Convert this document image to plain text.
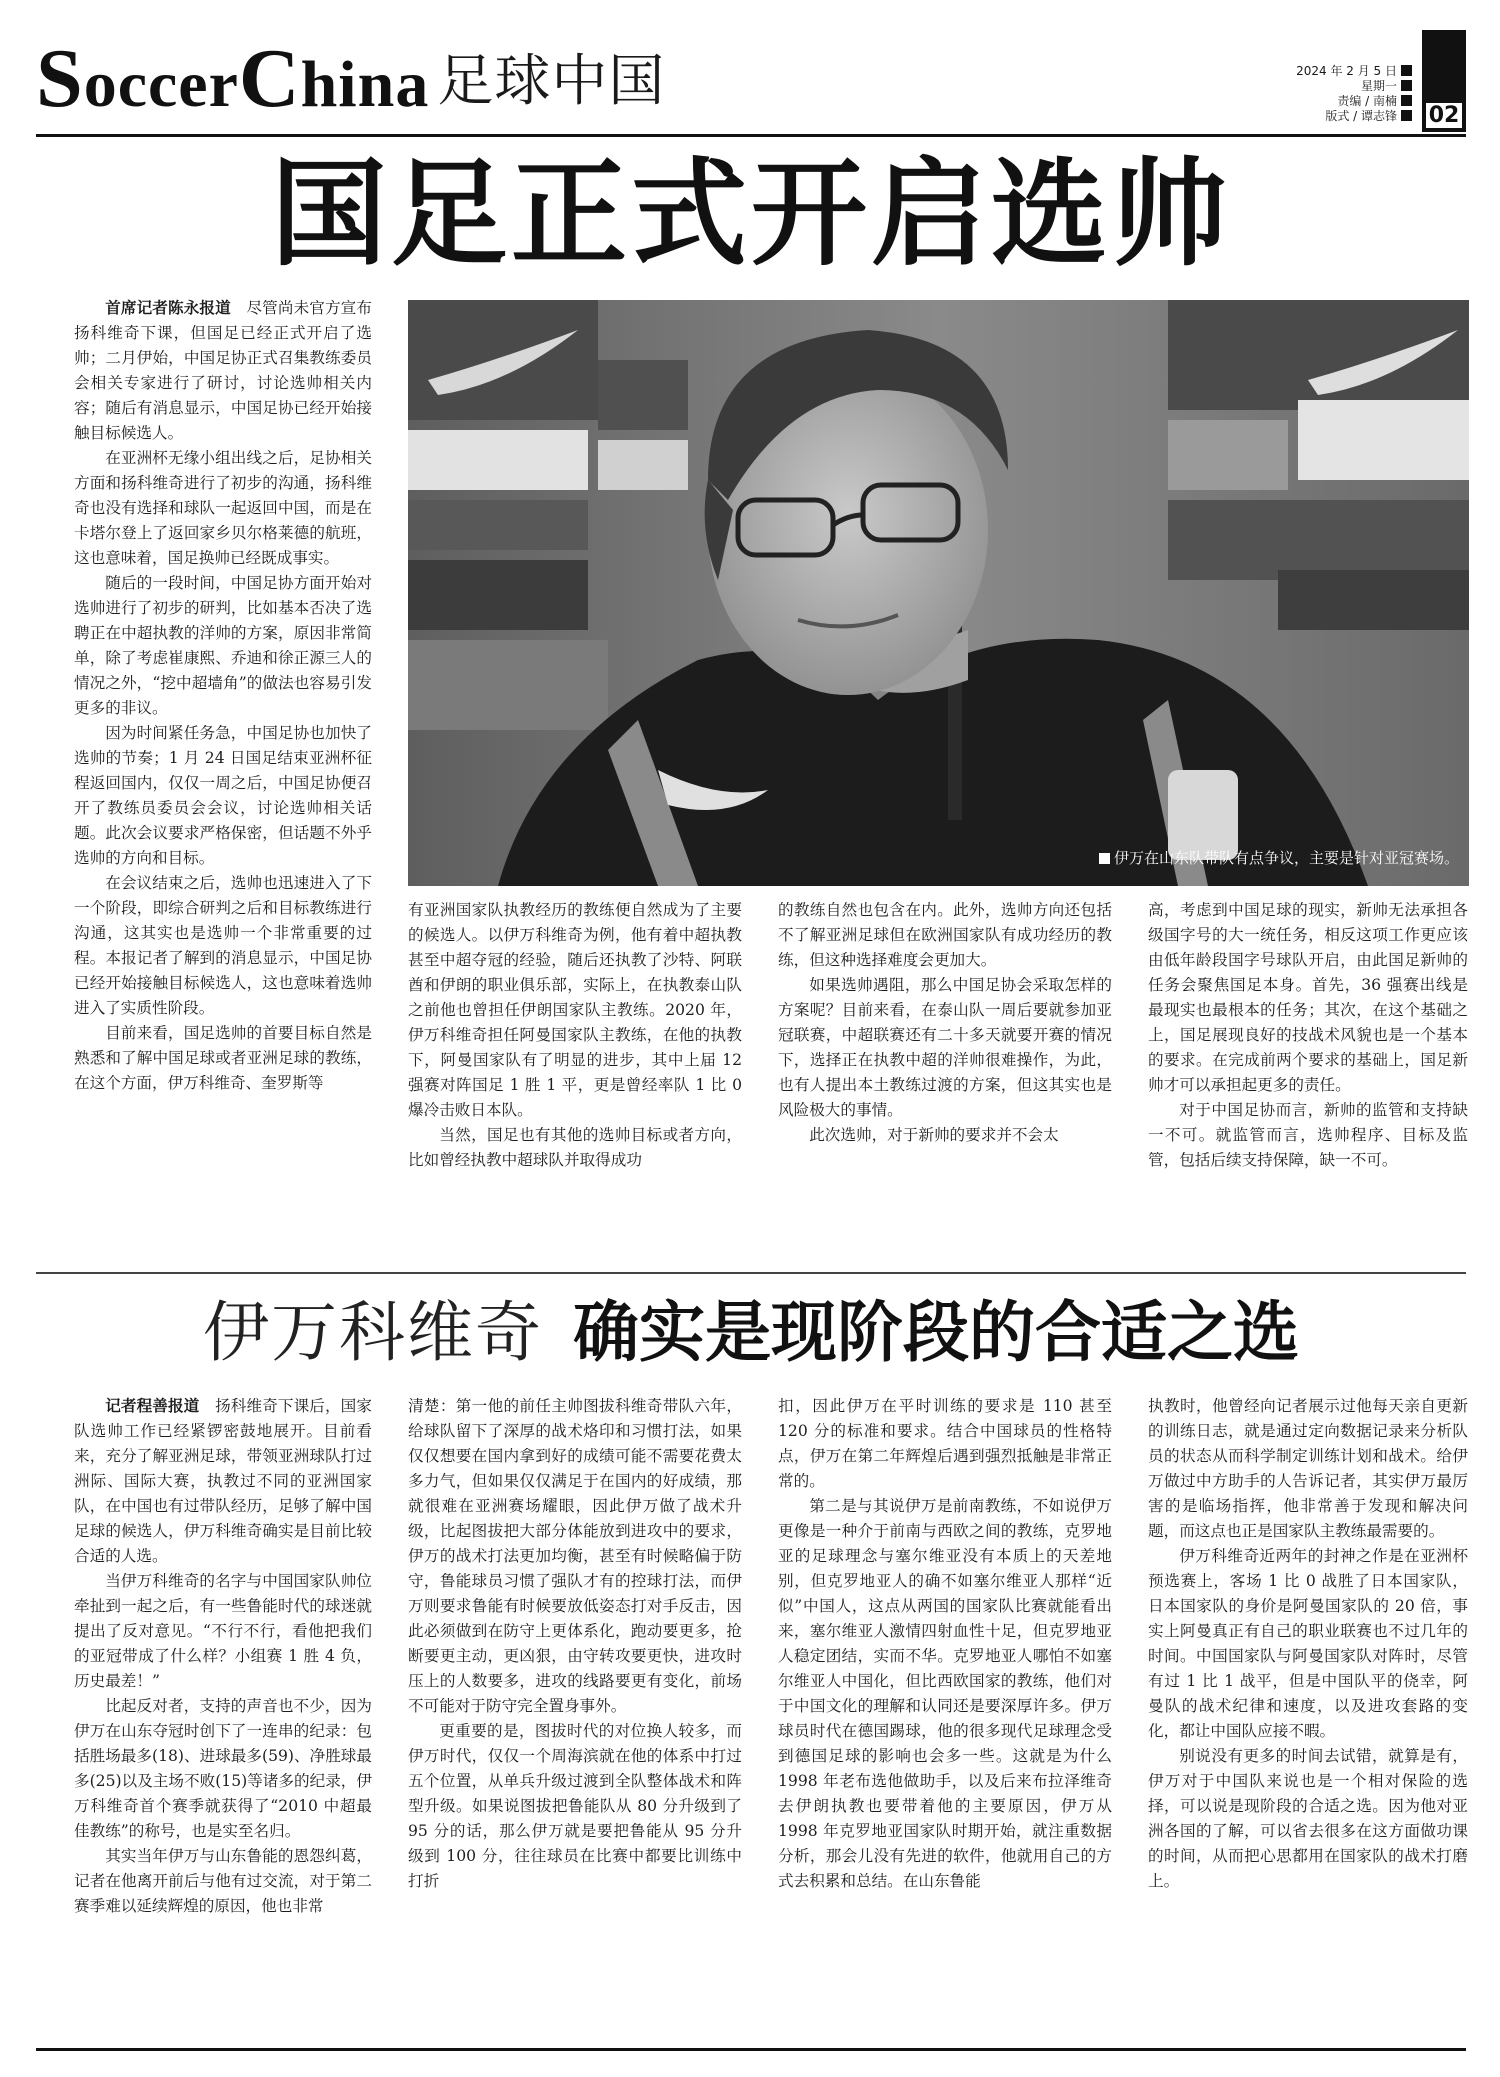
SoccerChina 足球中国	2024 年 2 月 5 日
星期一
责编 / 南楠
版式 / 谭志锋	02
国足正式开启选帅

首席记者陈永报道　 尽管尚未官方宣布扬科维奇下课，但国足已经正式开启了选帅；二月伊始，中国足协正式召集教练委员会相关专家进行了研讨，讨论选帅相关内容；随后有消息显示，中国足协已经开始接触目标候选人。

在亚洲杯无缘小组出线之后，足协相关方面和扬科维奇进行了初步的沟通，扬科维奇也没有选择和球队一起返回中国，而是在卡塔尔登上了返回家乡贝尔格莱德的航班，这也意味着，国足换帅已经既成事实。

随后的一段时间，中国足协方面开始对选帅进行了初步的研判，比如基本否决了选聘正在中超执教的洋帅的方案，原因非常简单，除了考虑崔康熙、乔迪和徐正源三人的情况之外，“挖中超墙角”的做法也容易引发更多的非议。

因为时间紧任务急，中国足协也加快了选帅的节奏；1 月 24 日国足结束亚洲杯征程返回国内，仅仅一周之后，中国足协便召开了教练员委员会会议，讨论选帅相关话题。此次会议要求严格保密，但话题不外乎选帅的方向和目标。

在会议结束之后，选帅也迅速进入了下一个阶段，即综合研判之后和目标教练进行沟通，这其实也是选帅一个非常重要的过程。本报记者了解到的消息显示，中国足协已经开始接触目标候选人，这也意味着选帅进入了实质性阶段。

目前来看，国足选帅的首要目标自然是熟悉和了解中国足球或者亚洲足球的教练，在这个方面，伊万科维奇、奎罗斯等

伊万在山东队带队有点争议，主要是针对亚冠赛场。

有亚洲国家队执教经历的教练便自然成为了主要的候选人。以伊万科维奇为例，他有着中超执教甚至中超夺冠的经验，随后还执教了沙特、阿联酋和伊朗的职业俱乐部，实际上，在执教泰山队之前他也曾担任伊朗国家队主教练。2020 年，伊万科维奇担任阿曼国家队主教练，在他的执教下，阿曼国家队有了明显的进步，其中上届 12 强赛对阵国足 1 胜 1 平，更是曾经率队 1 比 0 爆冷击败日本队。

当然，国足也有其他的选帅目标或者方向，比如曾经执教中超球队并取得成功

的教练自然也包含在内。此外，选帅方向还包括不了解亚洲足球但在欧洲国家队有成功经历的教练，但这种选择难度会更加大。

如果选帅遇阻，那么中国足协会采取怎样的方案呢？目前来看，在泰山队一周后要就参加亚冠联赛，中超联赛还有二十多天就要开赛的情况下，选择正在执教中超的洋帅很难操作，为此，也有人提出本土教练过渡的方案，但这其实也是风险极大的事情。

此次选帅，对于新帅的要求并不会太

高，考虑到中国足球的现实，新帅无法承担各级国字号的大一统任务，相反这项工作更应该由低年龄段国字号球队开启，由此国足新帅的任务会聚焦国足本身。首先，36 强赛出线是最现实也最根本的任务；其次，在这个基础之上，国足展现良好的技战术风貌也是一个基本的要求。在完成前两个要求的基础上，国足新帅才可以承担起更多的责任。

对于中国足协而言，新帅的监管和支持缺一不可。就监管而言，选帅程序、目标及监管，包括后续支持保障，缺一不可。

伊万科维奇 确实是现阶段的合适之选

记者程善报道　 扬科维奇下课后，国家队选帅工作已经紧锣密鼓地展开。目前看来，充分了解亚洲足球，带领亚洲球队打过洲际、国际大赛，执教过不同的亚洲国家队，在中国也有过带队经历，足够了解中国足球的候选人，伊万科维奇确实是目前比较合适的人选。

当伊万科维奇的名字与中国国家队帅位牵扯到一起之后，有一些鲁能时代的球迷就提出了反对意见。“不行不行，看他把我们的亚冠带成了什么样？小组赛 1 胜 4 负，历史最差！”

比起反对者，支持的声音也不少，因为伊万在山东夺冠时创下了一连串的纪录：包括胜场最多(18)、进球最多(59)、净胜球最多(25)以及主场不败(15)等诸多的纪录，伊万科维奇首个赛季就获得了“2010 中超最佳教练”的称号，也是实至名归。

其实当年伊万与山东鲁能的恩怨纠葛，记者在他离开前后与他有过交流，对于第二赛季难以延续辉煌的原因，他也非常

清楚：第一他的前任主帅图拔科维奇带队六年，给球队留下了深厚的战术烙印和习惯打法，如果仅仅想要在国内拿到好的成绩可能不需要花费太多力气，但如果仅仅满足于在国内的好成绩，那就很难在亚洲赛场耀眼，因此伊万做了战术升级，比起图拔把大部分体能放到进攻中的要求，伊万的战术打法更加均衡，甚至有时候略偏于防守，鲁能球员习惯了强队才有的控球打法，而伊万则要求鲁能有时候要放低姿态打对手反击，因此必须做到在防守上更体系化，跑动要更多，抢断要更主动，更凶狠，由守转攻要更快，进攻时压上的人数要多，进攻的线路要更有变化，前场不可能对于防守完全置身事外。

更重要的是，图拔时代的对位换人较多，而伊万时代，仅仅一个周海滨就在他的体系中打过五个位置，从单兵升级过渡到全队整体战术和阵型升级。如果说图拔把鲁能队从 80 分升级到了 95 分的话，那么伊万就是要把鲁能从 95 分升级到 100 分，往往球员在比赛中都要比训练中打折

扣，因此伊万在平时训练的要求是 110 甚至 120 分的标准和要求。结合中国球员的性格特点，伊万在第二年辉煌后遇到强烈抵触是非常正常的。

第二是与其说伊万是前南教练，不如说伊万更像是一种介于前南与西欧之间的教练，克罗地亚的足球理念与塞尔维亚没有本质上的天差地别，但克罗地亚人的确不如塞尔维亚人那样“近似”中国人，这点从两国的国家队比赛就能看出来，塞尔维亚人激情四射血性十足，但克罗地亚人稳定团结，实而不华。克罗地亚人哪怕不如塞尔维亚人中国化，但比西欧国家的教练，他们对于中国文化的理解和认同还是要深厚许多。伊万球员时代在德国踢球，他的很多现代足球理念受到德国足球的影响也会多一些。这就是为什么 1998 年老布选他做助手，以及后来布拉泽维奇去伊朗执教也要带着他的主要原因，伊万从 1998 年克罗地亚国家队时期开始，就注重数据分析，那会儿没有先进的软件，他就用自己的方式去积累和总结。在山东鲁能

执教时，他曾经向记者展示过他每天亲自更新的训练日志，就是通过定向数据记录来分析队员的状态从而科学制定训练计划和战术。给伊万做过中方助手的人告诉记者，其实伊万最厉害的是临场指挥，他非常善于发现和解决问题，而这点也正是国家队主教练最需要的。

伊万科维奇近两年的封神之作是在亚洲杯预选赛上，客场 1 比 0 战胜了日本国家队，日本国家队的身价是阿曼国家队的 20 倍，事实上阿曼真正有自己的职业联赛也不过几年的时间。中国国家队与阿曼国家队对阵时，尽管有过 1 比 1 战平，但是中国队平的侥幸，阿曼队的战术纪律和速度，以及进攻套路的变化，都让中国队应接不暇。

别说没有更多的时间去试错，就算是有，伊万对于中国队来说也是一个相对保险的选择，可以说是现阶段的合适之选。因为他对亚洲各国的了解，可以省去很多在这方面做功课的时间，从而把心思都用在国家队的战术打磨上。
